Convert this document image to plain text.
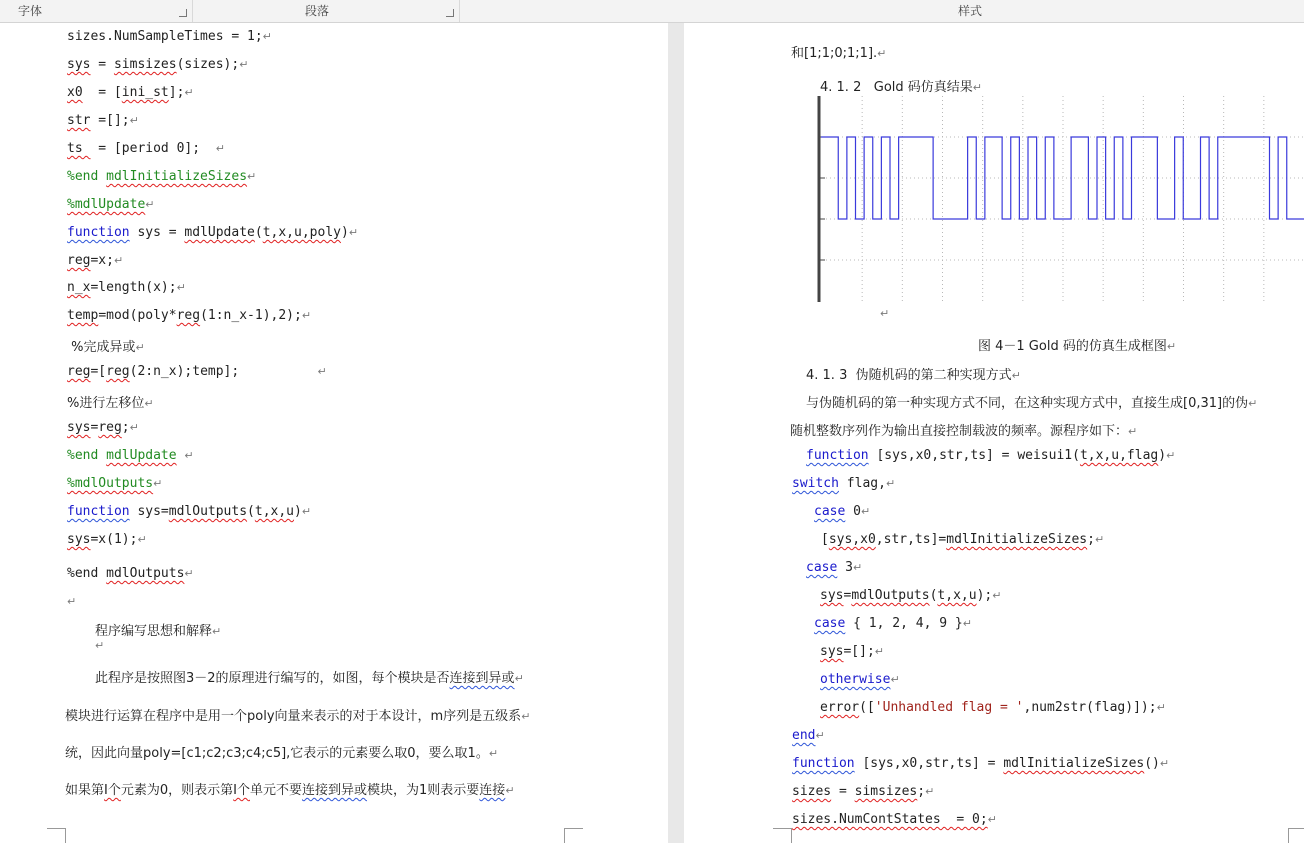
字体	段落	样式
sizes.NumSampleTimes = 1;↵
sys = simsizes(sizes);↵
x0  = [ini_st];↵
str =[];↵
ts  = [period 0];  ↵
%end mdlInitializeSizes↵
%mdlUpdate↵
function sys = mdlUpdate(t,x,u,poly)↵
reg=x;↵
n_x=length(x);↵
temp=mod(poly*reg(1:n_x-1),2);↵
%完成异或↵
reg=[reg(2:n_x);temp];          ↵
%进行左移位↵
sys=reg;↵
%end mdlUpdate ↵
%mdlOutputs↵
function sys=mdlOutputs(t,x,u)↵
sys=x(1);↵
%end mdlOutputs↵
↵
程序编写思想和解释↵
↵
此程序是按照图3－2的原理进行编写的，如图，每个模块是否连接到异或↵
模块进行运算在程序中是用一个poly向量来表示的对于本设计，m序列是五级系↵
统，因此向量poly=[c1;c2;c3;c4;c5],它表示的元素要么取0，要么取1。↵
如果第I个元素为0，则表示第I个单元不要连接到异或模块，为1则表示要连接↵
和[1;1;0;1;1].↵
4. 1. 2   Gold 码仿真结果↵
↵
图 4－1 Gold 码的仿真生成框图↵
4. 1. 3  伪随机码的第二种实现方式↵
与伪随机码的第一种实现方式不同，在这种实现方式中，直接生成[0,31]的伪↵
随机整数序列作为输出直接控制载波的频率。源程序如下：↵
function [sys,x0,str,ts] = weisui1(t,x,u,flag)↵
switch flag,↵
case 0↵
[sys,x0,str,ts]=mdlInitializeSizes;↵
case 3↵
sys=mdlOutputs(t,x,u);↵
case { 1, 2, 4, 9 }↵
sys=[];↵
otherwise↵
error(['Unhandled flag = ',num2str(flag)]);↵
end↵
function [sys,x0,str,ts] = mdlInitializeSizes()↵
sizes = simsizes;↵
sizes.NumContStates  = 0;↵
